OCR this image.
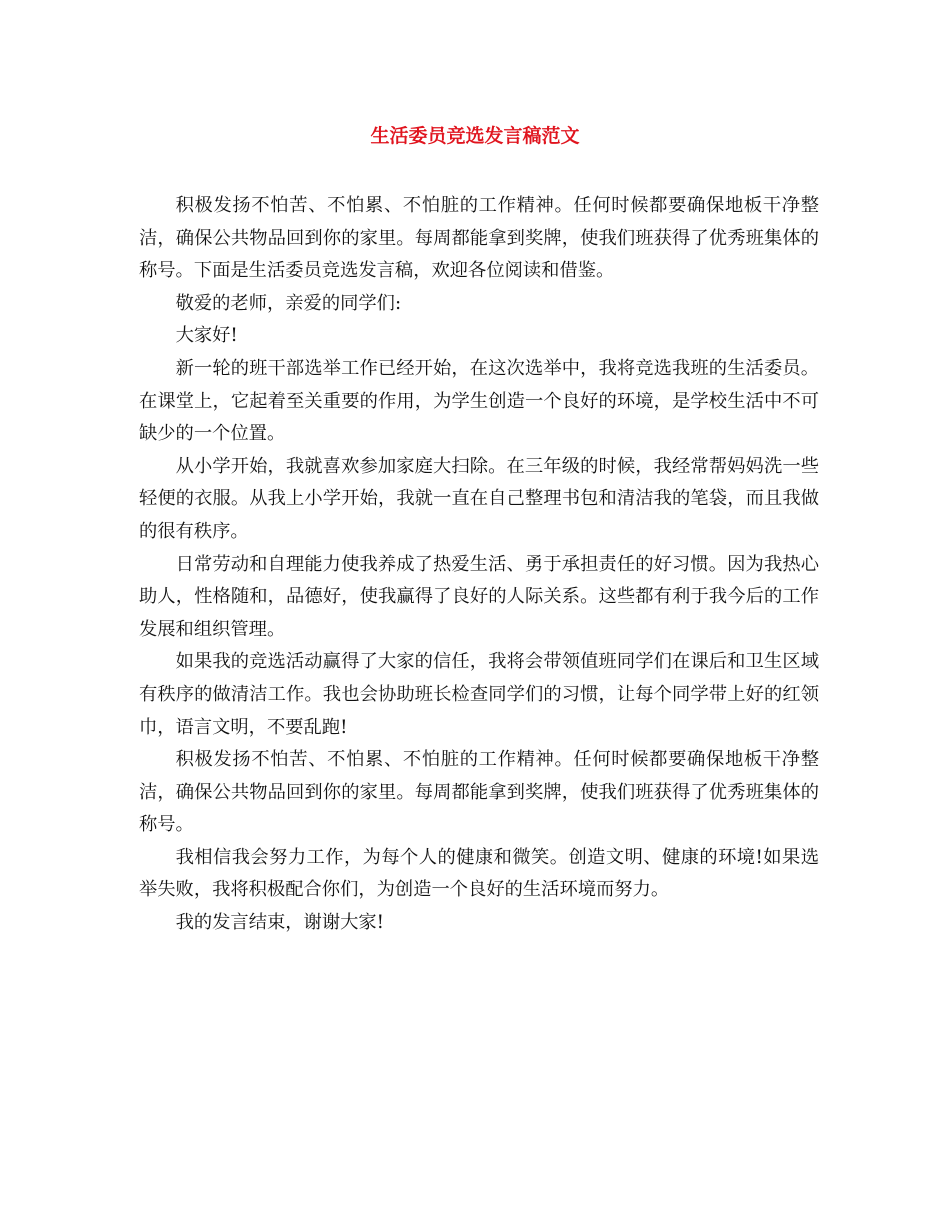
生活委员竞选发言稿范文

积极发扬不怕苦、不怕累、不怕脏的工作精神。任何时候都要确保地板干净整洁，确保公共物品回到你的家里。每周都能拿到奖牌，使我们班获得了优秀班集体的称号。下面是生活委员竞选发言稿，欢迎各位阅读和借鉴。

敬爱的老师，亲爱的同学们:

大家好!

新一轮的班干部选举工作已经开始，在这次选举中，我将竞选我班的生活委员。在课堂上，它起着至关重要的作用，为学生创造一个良好的环境，是学校生活中不可缺少的一个位置。

从小学开始，我就喜欢参加家庭大扫除。在三年级的时候，我经常帮妈妈洗一些轻便的衣服。从我上小学开始，我就一直在自己整理书包和清洁我的笔袋，而且我做的很有秩序。

日常劳动和自理能力使我养成了热爱生活、勇于承担责任的好习惯。因为我热心助人，性格随和，品德好，使我赢得了良好的人际关系。这些都有利于我今后的工作发展和组织管理。

如果我的竞选活动赢得了大家的信任，我将会带领值班同学们在课后和卫生区域有秩序的做清洁工作。我也会协助班长检查同学们的习惯，让每个同学带上好的红领巾，语言文明，不要乱跑!

积极发扬不怕苦、不怕累、不怕脏的工作精神。任何时候都要确保地板干净整洁，确保公共物品回到你的家里。每周都能拿到奖牌，使我们班获得了优秀班集体的称号。

我相信我会努力工作，为每个人的健康和微笑。创造文明、健康的环境!如果选举失败，我将积极配合你们，为创造一个良好的生活环境而努力。

我的发言结束，谢谢大家!
